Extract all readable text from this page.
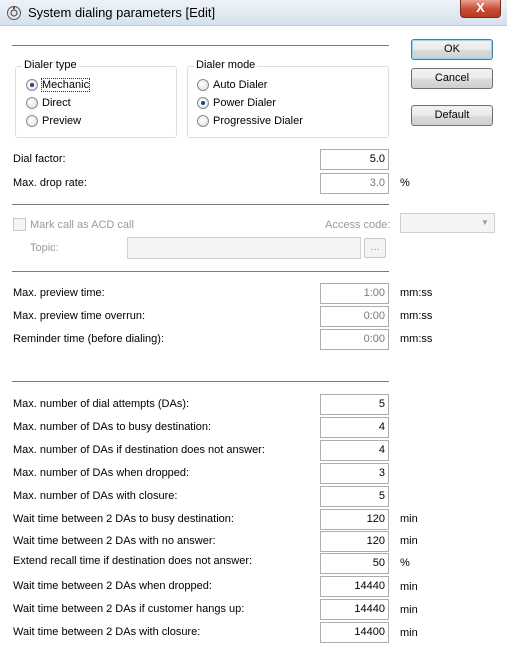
System dialing parameters [Edit]	X
Dialer type
Mechanic
Direct
Preview
Dialer mode
Auto Dialer
Power Dialer
Progressive Dialer
OK
Cancel
Default
Dial factor:	5.0
Max. drop rate:	3.0	%
Mark call as ACD call	Access code:	▼
Topic:	...
Max. preview time:	1:00	mm:ss
Max. preview time overrun:	0:00	mm:ss
Reminder time (before dialing):	0:00	mm:ss
Max. number of dial attempts (DAs):	5
Max. number of DAs to busy destination:	4
Max. number of DAs if destination does not answer:	4
Max. number of DAs when dropped:	3
Max. number of DAs with closure:	5
Wait time between 2 DAs to busy destination:	120	min
Wait time between 2 DAs with no answer:	120	min
Extend recall time if destination does not answer:	50	%
Wait time between 2 DAs when dropped:	14440	min
Wait time between 2 DAs if customer hangs up:	14440	min
Wait time between 2 DAs with closure:	14400	min
